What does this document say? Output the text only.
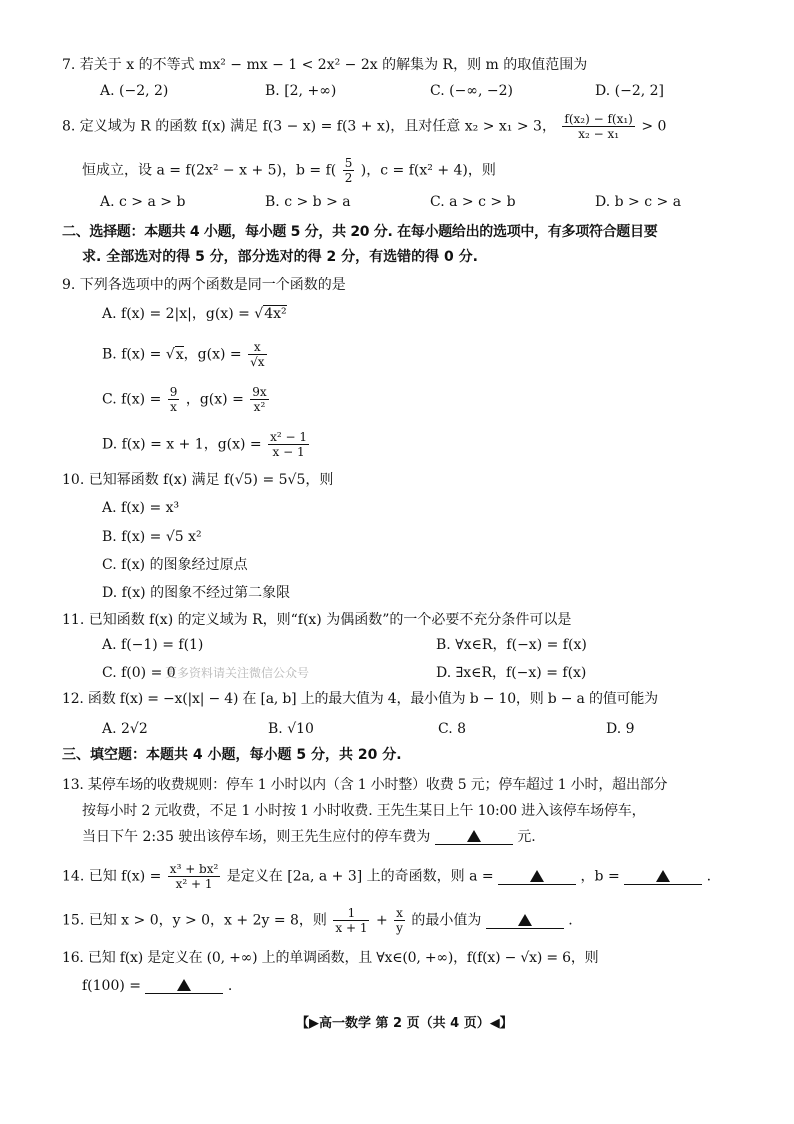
7. 若关于 x 的不等式 mx² − mx − 1 < 2x² − 2x 的解集为 R，则 m 的取值范围为
A. (−2, 2)	B. [2, +∞)	C. (−∞, −2)	D. (−2, 2]
8. 定义域为 R 的函数 f(x) 满足 f(3 − x) = f(3 + x)，且对任意 x₂ > x₁ > 3， $\frac{\text{f(x₂) − f(x₁)}}{\text{x₂ − x₁}} > 0$
恒成立，设 a = f(2x² − x + 5)，$b = f( \frac{5}{2}$ )，c = f(x² + 4)，则
A. c > a > b	B. c > b > a	C. a > c > b	D. b > c > a
二、选择题：本题共 4 小题，每小题 5 分，共 20 分. 在每小题给出的选项中，有多项符合题目要
求. 全部选对的得 5 分，部分选对的得 2 分，有选错的得 0 分.
9. 下列各选项中的两个函数是同一个函数的是
A. f(x) = 2|x|，g(x) = √4x²
B. f(x) = √x，$g(x) = \frac{x}{√x}$
C. $f(x) = \frac{9}{x}$ ，$g(x) = \frac{9x}{\text{x²}}$
D. f(x) = x + 1，$g(x) = \frac{\text{x² − 1}}{x - 1}$
10. 已知幂函数 f(x) 满足 f(√5) = 5√5，则
A. f(x) = x³
B. f(x) = √5 x²
C. f(x) 的图象经过原点
D. f(x) 的图象不经过第二象限
11. 已知函数 f(x) 的定义域为 R，则“f(x) 为偶函数”的一个必要不充分条件可以是
A. f(−1) = f(1)	B. ∀x∈R，f(−x) = f(x)
C. f(0) = 0	D. ∃x∈R，f(−x) = f(x)
更多资料请关注微信公众号
12. 函数 f(x) = −x(|x| − 4) 在 [a, b] 上的最大值为 4，最小值为 b − 10，则 b − a 的值可能为
A. 2√2	B. √10	C. 8	D. 9
三、填空题：本题共 4 小题，每小题 5 分，共 20 分.
13. 某停车场的收费规则：停车 1 小时以内（含 1 小时整）收费 5 元；停车超过 1 小时，超出部分
按每小时 2 元收费，不足 1 小时按 1 小时收费. 王先生某日上午 10:00 进入该停车场停车，
当日下午 2:35 驶出该停车场，则王先生应付的停车费为	元.
14. 已知 $f(x) = \frac{\text{x³ + bx²}}{\text{x² + 1}}$ 是定义在 [2a, a + 3] 上的奇函数，则 a =	，b =	.
15. 已知 x > 0，y > 0，x + 2y = 8，则 $\frac{1}{x + 1} + \frac{x}{y}$ 的最小值为	.
16. 已知 f(x) 是定义在 (0, +∞) 上的单调函数，且 ∀x∈(0, +∞)，f(f(x) − √x) = 6，则
f(100) =	.
【▶高一数学 第 2 页（共 4 页）◀】
